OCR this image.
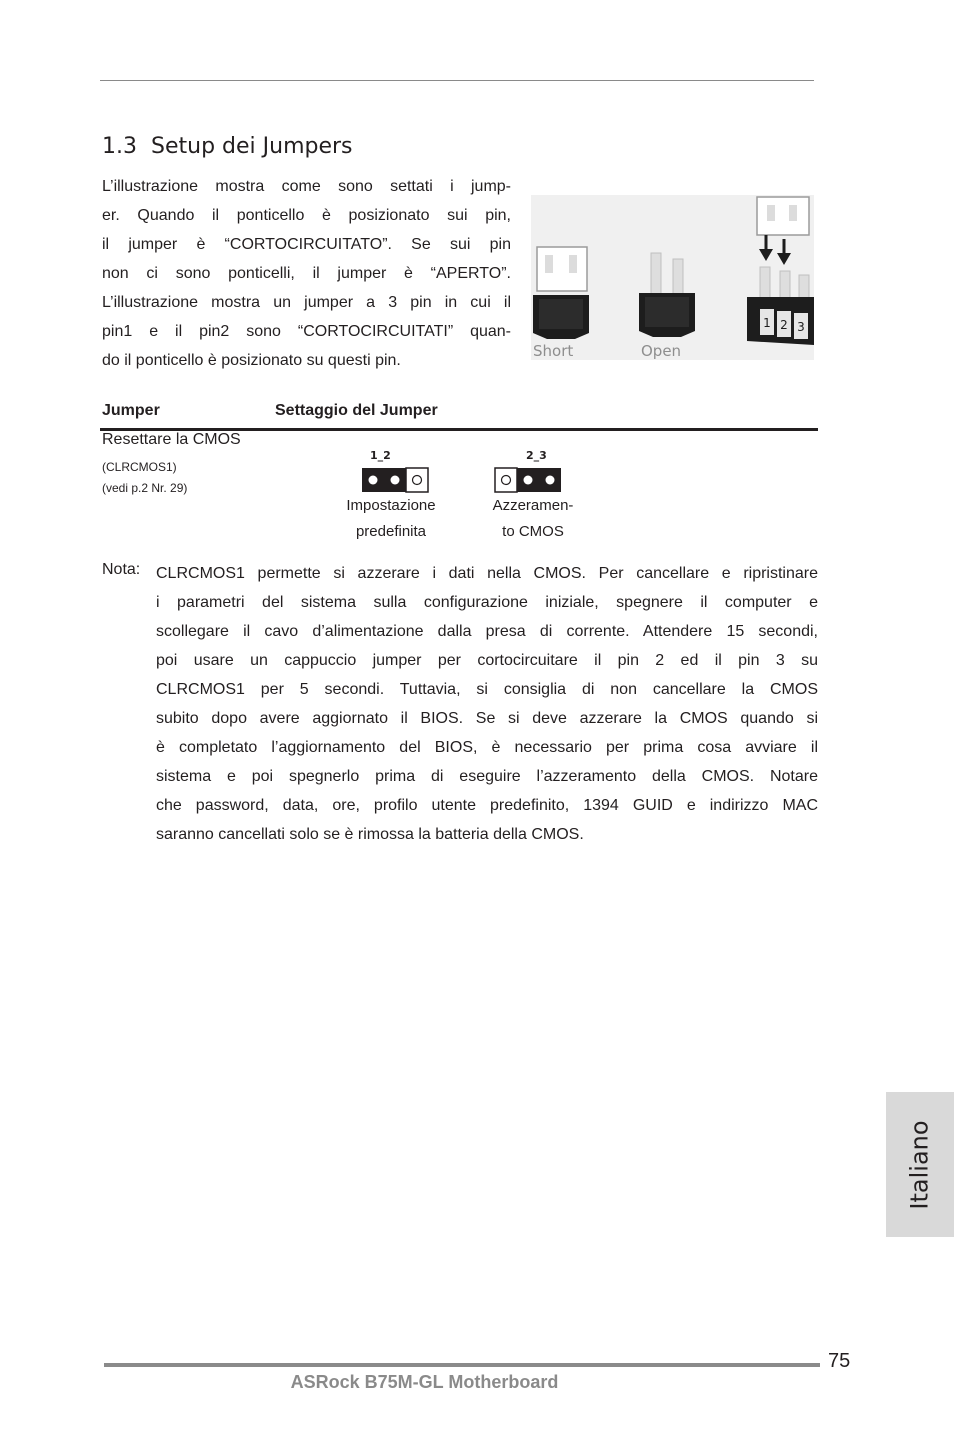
1.3 Setup dei Jumpers

L’illustrazione mostra come sono settati i jump-

er. Quando il ponticello è posizionato sui pin,

il jumper è “CORTOCIRCUITATO”. Se sui pin

non ci sono ponticelli, il jumper è “APERTO”.

L’illustrazione mostra un jumper a 3 pin in cui il

pin1 e il pin2 sono “CORTOCIRCUITATI” quan-

do il ponticello è posizionato su questi pin.

Short	Open
1 2 3
Jumper	Settaggio del Jumper
Resettare la CMOS
(CLRCMOS1)
(vedi p.2 Nr. 29)
1_2
Impostazione
predefinita
2_3
Azzeramen-
to CMOS
Nota: CLRCMOS1 permette si azzerare i dati nella CMOS. Per cancellare e ripristinare

i parametri del sistema sulla configurazione iniziale, spegnere il computer e

scollegare il cavo d’alimentazione dalla presa di corrente. Attendere 15 secondi,

poi usare un cappuccio jumper per cortocircuitare il pin 2 ed il pin 3 su

CLRCMOS1 per 5 secondi. Tuttavia, si consiglia di non cancellare la CMOS

subito dopo avere aggiornato il BIOS. Se si deve azzerare la CMOS quando si

è completato l’aggiornamento del BIOS, è necessario per prima cosa avviare il

sistema e poi spegnerlo prima di eseguire l’azzeramento della CMOS. Notare

che password, data, ore, profilo utente predefinito, 1394 GUID e indirizzo MAC

saranno cancellati solo se è rimossa la batteria della CMOS.

Italiano
75
ASRock B75M-GL Motherboard
